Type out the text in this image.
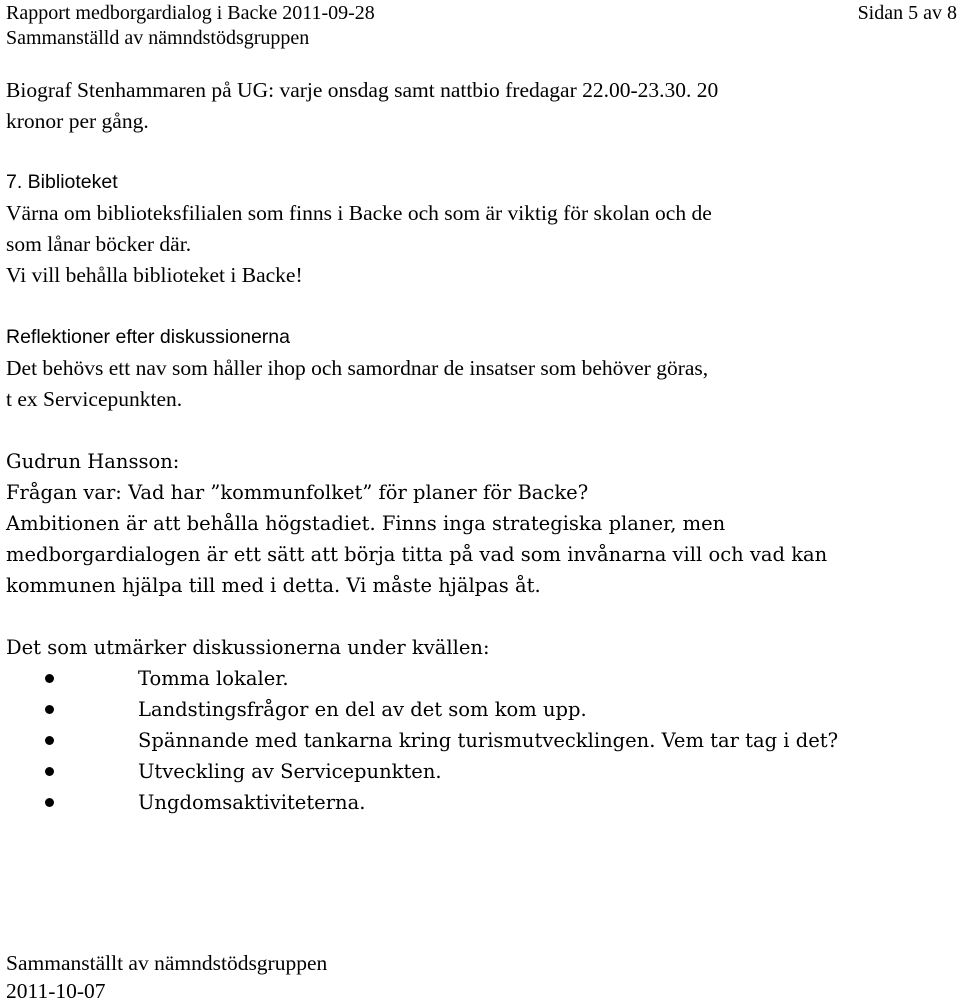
Rapport medborgardialog i Backe 2011-09-28	Sidan 5 av 8
Sammanställd av nämndstödsgruppen
Biograf Stenhammaren på UG: varje onsdag samt nattbio fredagar 22.00-23.30. 20
kronor per gång.
7. Biblioteket
Värna om biblioteksfilialen som finns i Backe och som är viktig för skolan och de
som lånar böcker där.
Vi vill behålla biblioteket i Backe!
Reflektioner efter diskussionerna
Det behövs ett nav som håller ihop och samordnar de insatser som behöver göras,
t ex Servicepunkten.
Gudrun Hansson:
Frågan var: Vad har ”kommunfolket” för planer för Backe?
Ambitionen är att behålla högstadiet. Finns inga strategiska planer, men
medborgardialogen är ett sätt att börja titta på vad som invånarna vill och vad kan
kommunen hjälpa till med i detta. Vi måste hjälpas åt.
Det som utmärker diskussionerna under kvällen:
Tomma lokaler.
Landstingsfrågor en del av det som kom upp.
Spännande med tankarna kring turismutvecklingen. Vem tar tag i det?
Utveckling av Servicepunkten.
Ungdomsaktiviteterna.
Sammanställt av nämndstödsgruppen
2011-10-07
